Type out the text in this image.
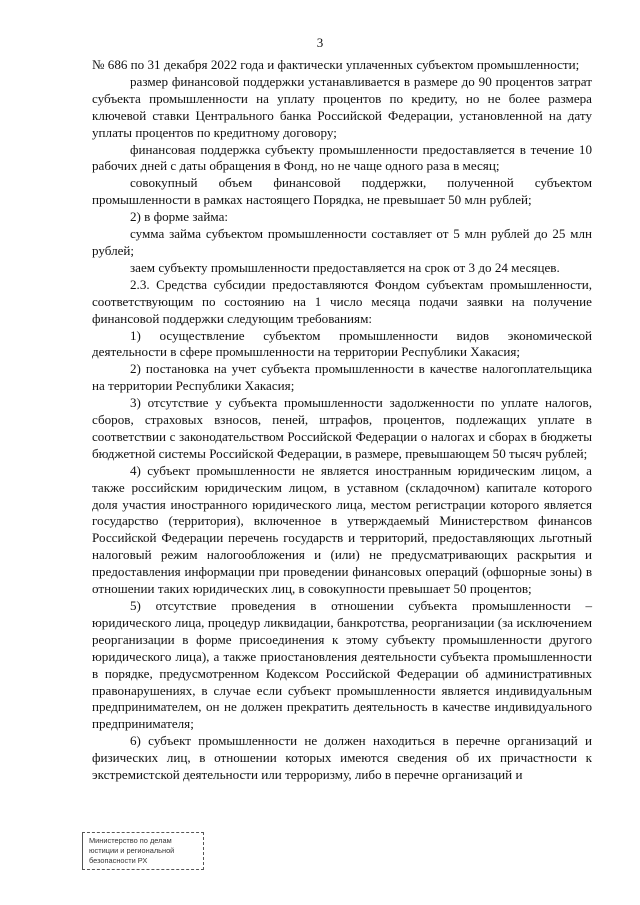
3

№ 686 по 31 декабря 2022 года и фактически уплаченных субъектом промышленности;

размер финансовой поддержки устанавливается в размере до 90 процентов затрат субъекта промышленности на уплату процентов по кредиту, но не более размера ключевой ставки Центрального банка Российской Федерации, установленной на дату уплаты процентов по кредитному договору;

финансовая поддержка субъекту промышленности предоставляется в течение 10 рабочих дней с даты обращения в Фонд, но не чаще одного раза в месяц;

совокупный объем финансовой поддержки, полученной субъектом промышленности в рамках настоящего Порядка, не превышает 50 млн рублей;

2) в форме займа:

сумма займа субъектом промышленности составляет от 5 млн рублей до 25 млн рублей;

заем субъекту промышленности предоставляется на срок от 3 до 24 месяцев.

2.3. Средства субсидии предоставляются Фондом субъектам промышленности, соответствующим по состоянию на 1 число месяца подачи заявки на получение финансовой поддержки следующим требованиям:

1) осуществление субъектом промышленности видов экономической деятельности в сфере промышленности на территории Республики Хакасия;

2) постановка на учет субъекта промышленности в качестве налогоплательщика на территории Республики Хакасия;

3) отсутствие у субъекта промышленности задолженности по уплате налогов, сборов, страховых взносов, пеней, штрафов, процентов, подлежащих уплате в соответствии с законодательством Российской Федерации о налогах и сборах в бюджеты бюджетной системы Российской Федерации, в размере, превышающем 50 тысяч рублей;

4) субъект промышленности не является иностранным юридическим лицом, а также российским юридическим лицом, в уставном (складочном) капитале которого доля участия иностранного юридического лица, местом регистрации которого является государство (территория), включенное в утверждаемый Министерством финансов Российской Федерации перечень государств и территорий, предоставляющих льготный налоговый режим налогообложения и (или) не предусматривающих раскрытия и предоставления информации при проведении финансовых операций (офшорные зоны) в отношении таких юридических лиц, в совокупности превышает 50 процентов;

5) отсутствие проведения в отношении субъекта промышленности – юридического лица, процедур ликвидации, банкротства, реорганизации (за исключением реорганизации в форме присоединения к этому субъекту промышленности другого юридического лица), а также приостановления деятельности субъекта промышленности в порядке, предусмотренном Кодексом Российской Федерации об административных правонарушениях, в случае если субъект промышленности является индивидуальным предпринимателем, он не должен прекратить деятельность в качестве индивидуального предпринимателя;

6) субъект промышленности не должен находиться в перечне организаций и физических лиц, в отношении которых имеются сведения об их причастности к экстремистской деятельности или терроризму, либо в перечне организаций и

Министерство по делам
юстиции и региональной
безопасности РХ
